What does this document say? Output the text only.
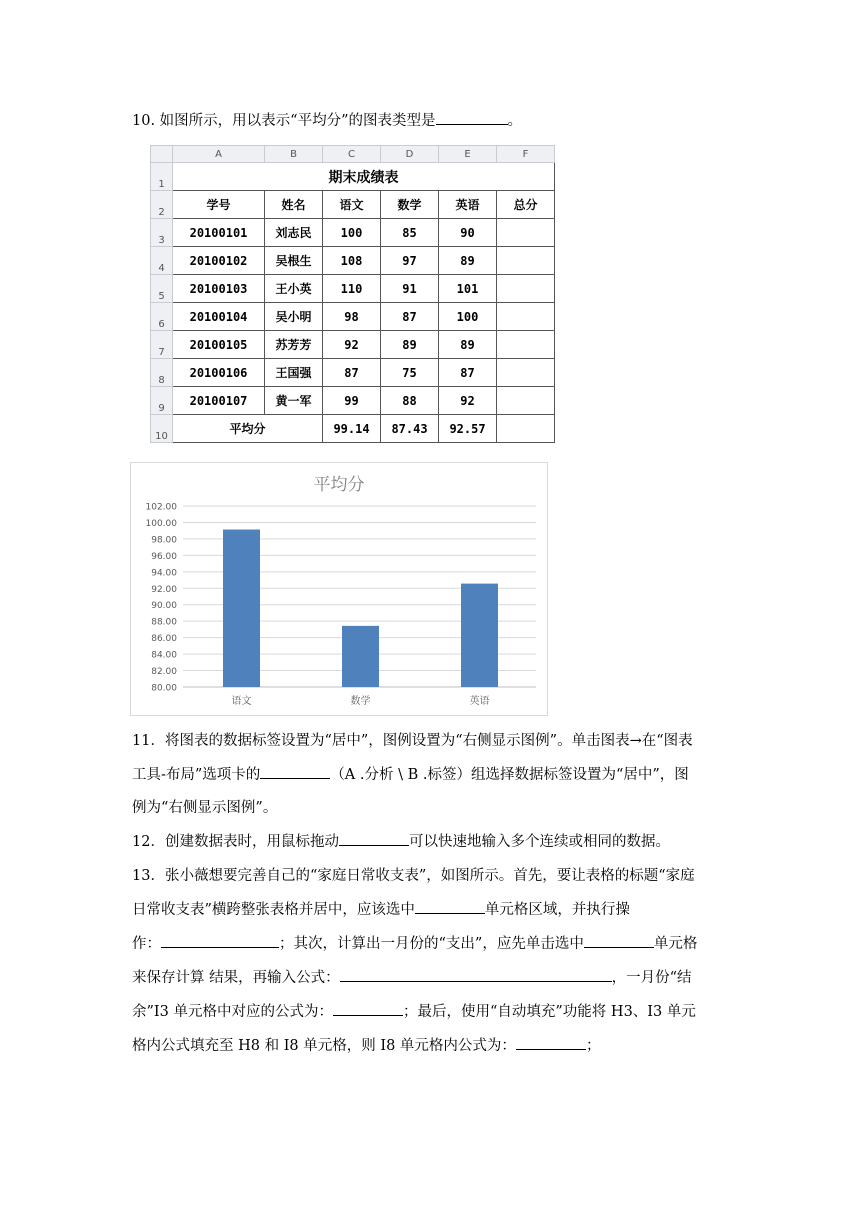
10. 如图所示，用以表示“平均分”的图表类型是	。
	A	B	C	D	E	F
1	期末成绩表					
2	学号	姓名	语文	数学	英语	总分
3	20100101	刘志民	100	85	90	
4	20100102	吴根生	108	97	89	
5	20100103	王小英	110	91	101	
6	20100104	吴小明	98	87	100	
7	20100105	苏芳芳	92	89	89	
8	20100106	王国强	87	75	87	
9	20100107	黄一军	99	88	92	
10	平均分		99.14	87.43	92.57	
平均分
80.00
82.00
84.00
86.00
88.00
90.00
92.00
94.00
96.00
98.00
100.00
102.00
语文	数学	英语
11．将图表的数据标签设置为“居中”，图例设置为“右侧显示图例”。单击图表→在“图表
工具-布局”选项卡的	（A .分析 \ B .标签）组选择数据标签设置为“居中”，图
例为“右侧显示图例”。
12．创建数据表时，用鼠标拖动	可以快速地输入多个连续或相同的数据。
13．张小薇想要完善自己的“家庭日常收支表”，如图所示。首先，要让表格的标题“家庭
日常收支表”横跨整张表格并居中，应该选中	单元格区域，并执行操
作：	；其次，计算出一月份的“支出”，应先单击选中	单元格
来保存计算 结果，再输入公式：	，一月份“结
余”I3 单元格中对应的公式为：	；最后，使用“自动填充”功能将 H3、I3 单元
格内公式填充至 H8 和 I8 单元格，则 I8 单元格内公式为：	；
